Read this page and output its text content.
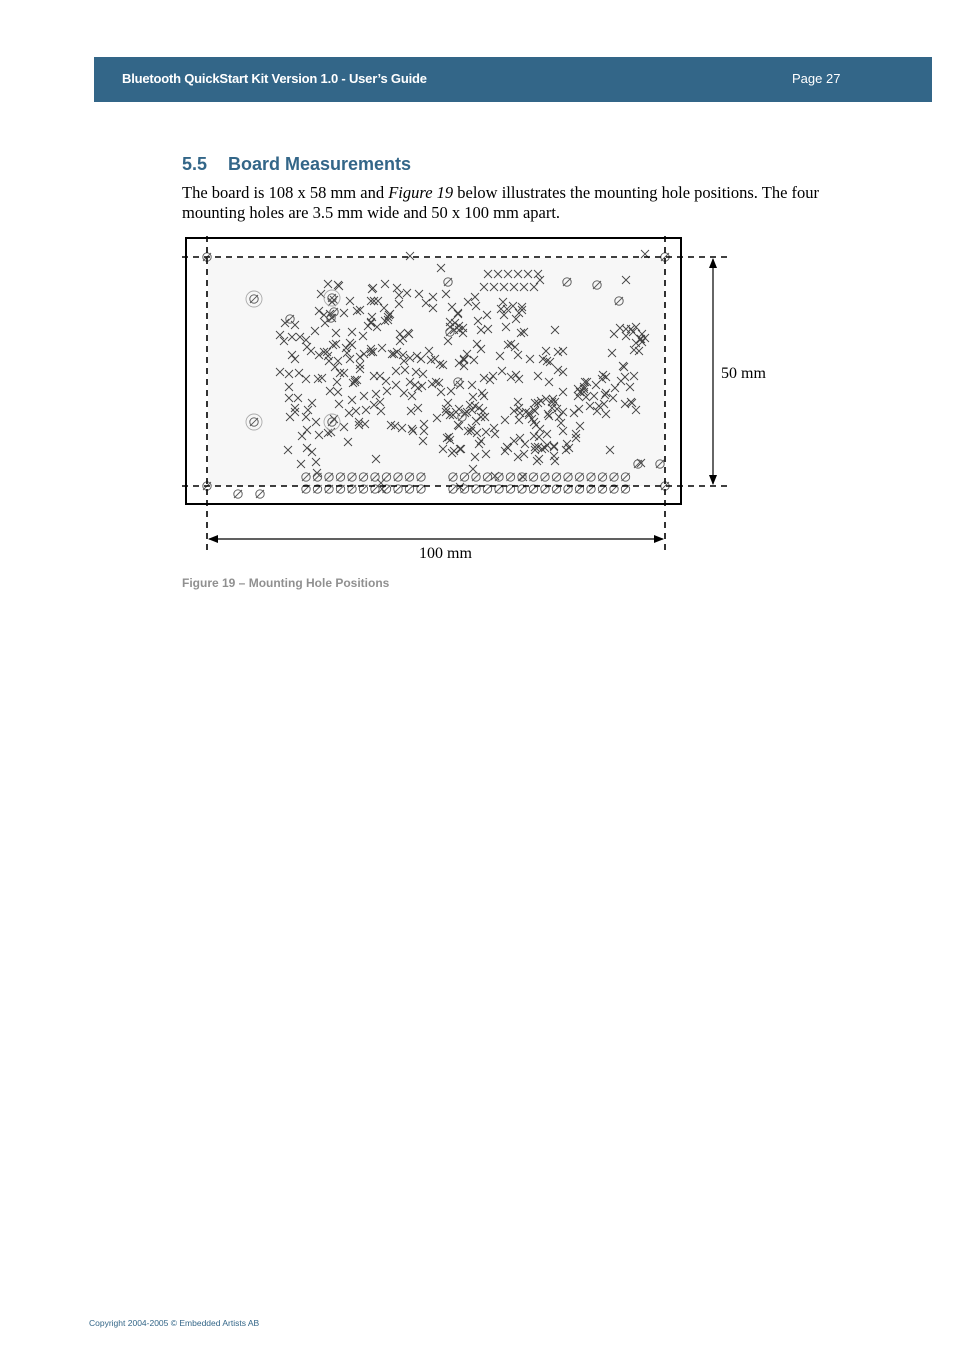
Bluetooth QuickStart Kit Version 1.0 - User’s Guide	Page 27
5.5 Board Measurements
The board is 108 x 58 mm and Figure 19 below illustrates the mounting hole positions. The four mounting holes are 3.5 mm wide and 50 x 100 mm apart.
50 mm
100 mm
Figure 19 – Mounting Hole Positions
Copyright 2004-2005 © Embedded Artists AB
